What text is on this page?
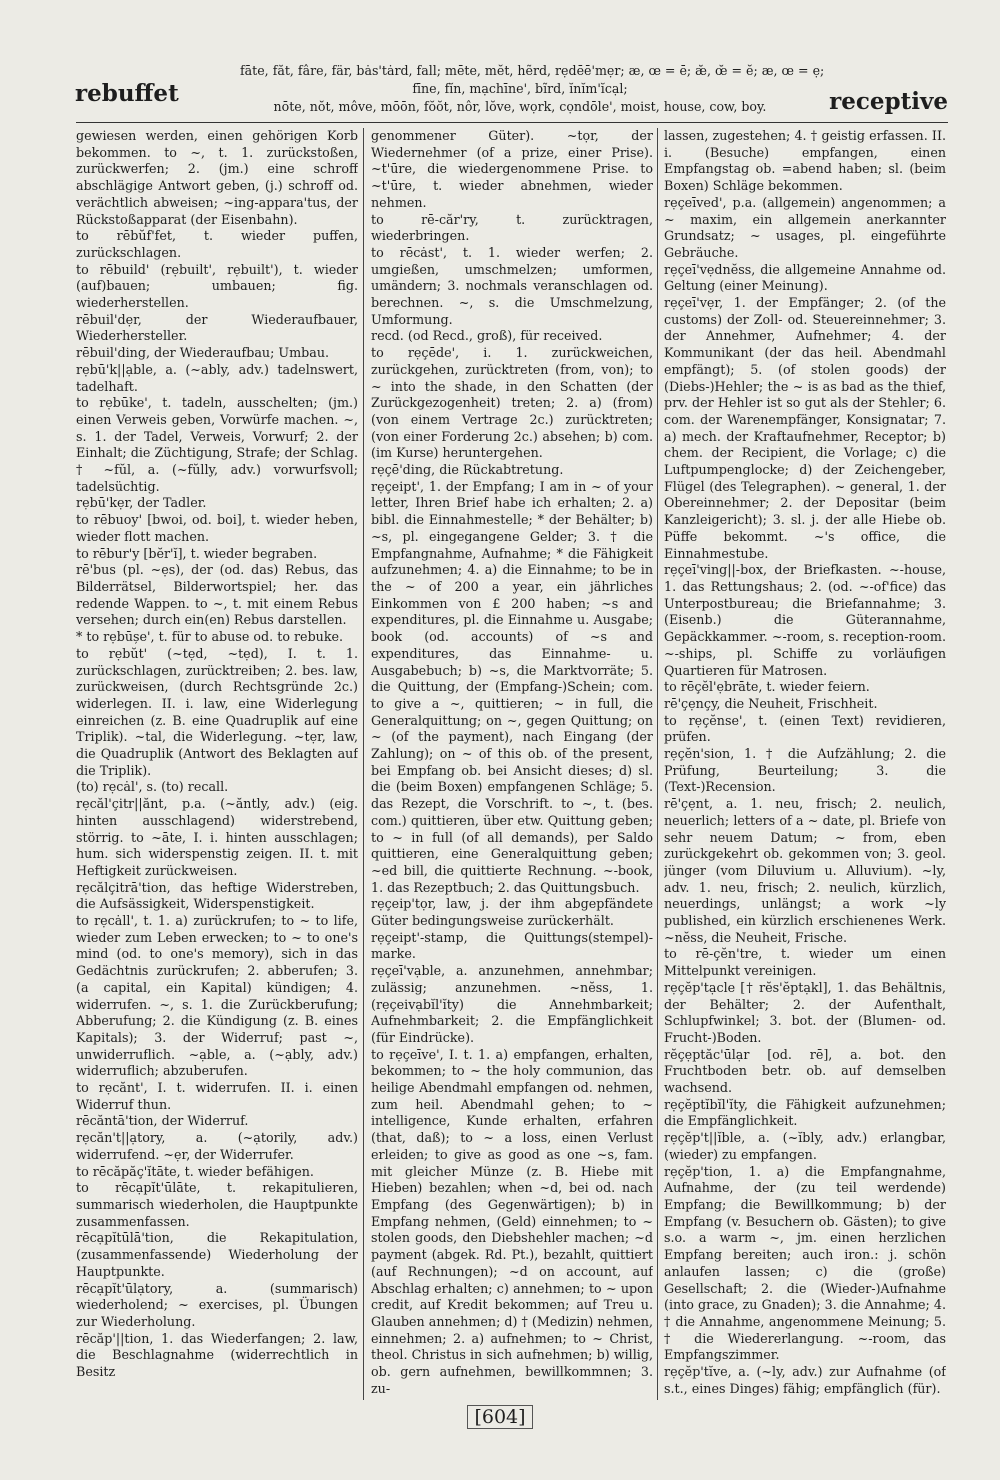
rebuffet
fāte, făt, fâre, fär, bȧs'tȧrd, fall; mēte, mĕt, hẽrd, rẹdēē'mẹr; æ, œ = ē; æ̆, œ̆ = ĕ; æ, œ = ẹ;
fīne, fĭn, mạchīne', bĩrd, ĭnĭm'ĭcạl;
nōte, nŏt, môve, mōōn, fŏŏt, nôr, lŏve, wọrk, cọndōle', moist, house, cow, boy.	receptive

gewiesen werden, einen gehörigen Korb bekommen. to ~, t. 1. zurückstoßen, zurückwerfen; 2. (jm.) eine schroff abschlägige Antwort geben, (j.) schroff od. verächtlich abweisen; ~ing-appara'tus, der Rückstoßapparat (der Eisenbahn).

to rēbŭf'fet, t. wieder puffen, zurückschlagen.

to rēbuild' (rẹbuilt', rẹbuilt'), t. wieder (auf)bauen; umbauen; fig. wiederherstellen.

rēbuil'dẹr, der Wiederaufbauer, Wiederhersteller.

rēbuil'ding, der Wiederaufbau; Umbau.

rẹbū'k||ạble, a. (~ably, adv.) tadelnswert, tadelhaft.

to rẹbūke', t. tadeln, ausschelten; (jm.) einen Verweis geben, Vorwürfe machen. ~, s. 1. der Tadel, Verweis, Vorwurf; 2. der Einhalt; die Züchtigung, Strafe; der Schlag. † ~fŭl, a. (~fŭlly, adv.) vorwurfsvoll; tadelsüchtig.

rẹbū'kẹr, der Tadler.

to rēbuoy' [bwoi, od. boi], t. wieder heben, wieder flott machen.

to rēbur'y [bĕr'ĭ], t. wieder begraben.

rē'bus (pl. ~ẹs), der (od. das) Rebus, das Bilderrätsel, Bilderwortspiel; her. das redende Wappen. to ~, t. mit einem Rebus versehen; durch ein(en) Rebus darstellen.

* to rẹbūșe', t. für to abuse od. to rebuke.

to rẹbŭt' (~tẹd, ~tẹd), I. t. 1. zurückschlagen, zurücktreiben; 2. bes. law, zurückweisen, (durch Rechtsgründe 2c.) widerlegen. II. i. law, eine Widerlegung einreichen (z. B. eine Quadruplik auf eine Triplik). ~tal, die Widerlegung. ~tẹr, law, die Quadruplik (Antwort des Beklagten auf die Triplik).

(to) rẹcȧl', s. (to) recall.

rẹcăl'çitr||ănt, p.a. (~ăntly, adv.) (eig. hinten ausschlagend) widerstrebend, störrig. to ~āte, I. i. hinten ausschlagen; hum. sich widerspenstig zeigen. II. t. mit Heftigkeit zurückweisen.

rẹcălçitrā'tion, das heftige Widerstreben, die Aufsässigkeit, Widerspenstigkeit.

to rẹcȧll', t. 1. a) zurückrufen; to ~ to life, wieder zum Leben erwecken; to ~ to one's mind (od. to one's memory), sich in das Gedächtnis zurückrufen; 2. abberufen; 3. (a capital, ein Kapital) kündigen; 4. widerrufen. ~, s. 1. die Zurückberufung; Abberufung; 2. die Kündigung (z. B. eines Kapitals); 3. der Widerruf; past ~, unwiderruflich. ~ạble, a. (~ạbly, adv.) widerruflich; abzuberufen.

to rẹcănt', I. t. widerrufen. II. i. einen Widerruf thun.

rēcăntā'tion, der Widerruf.

rẹcăn't||ạtory, a. (~ạtorily, adv.) widerrufend. ~ẹr, der Widerrufer.

to rēcăpăç'ĭtāte, t. wieder befähigen.

to rēcạpĭt'ūlāte, t. rekapitulieren, summarisch wiederholen, die Hauptpunkte zusammenfassen.

rēcạpĭtūlā'tion, die Rekapitulation, (zusammenfassende) Wiederholung der Hauptpunkte.

rēcạpĭt'ūlạtory, a. (summarisch) wiederholend; ~ exercises, pl. Übungen zur Wiederholung.

rēcăp'||tion, 1. das Wiederfangen; 2. law, die Beschlagnahme (widerrechtlich in Besitz

genommener Güter). ~tọr, der Wiedernehmer (of a prize, einer Prise). ~t'ūre, die wiedergenommene Prise. to ~t'ūre, t. wieder abnehmen, wieder nehmen.

to rē-căr'ry, t. zurücktragen, wiederbringen.

to rēcȧst', t. 1. wieder werfen; 2. umgießen, umschmelzen; umformen, umändern; 3. nochmals veranschlagen od. berechnen. ~, s. die Umschmelzung, Umformung.

recd. (od Recd., groß), für received.

to rẹçēde', i. 1. zurückweichen, zurückgehen, zurücktreten (from, von); to ~ into the shade, in den Schatten (der Zurückgezogenheit) treten; 2. a) (from) (von einem Vertrage 2c.) zurücktreten; (von einer Forderung 2c.) absehen; b) com. (im Kurse) heruntergehen.

rẹçē'ding, die Rückabtretung.

rẹçeipt', 1. der Empfang; I am in ~ of your letter, Ihren Brief habe ich erhalten; 2. a) bibl. die Einnahmestelle; * der Behälter; b) ~s, pl. eingegangene Gelder; 3. † die Empfangnahme, Aufnahme; * die Fähigkeit aufzunehmen; 4. a) die Einnahme; to be in the ~ of 200 a year, ein jährliches Einkommen von £ 200 haben; ~s and expenditures, pl. die Einnahme u. Ausgabe; book (od. accounts) of ~s and expenditures, das Einnahme- u. Ausgabebuch; b) ~s, die Marktvorräte; 5. die Quittung, der (Empfang-)Schein; com. to give a ~, quittieren; ~ in full, die Generalquittung; on ~, gegen Quittung; on ~ (of the payment), nach Eingang (der Zahlung); on ~ of this ob. of the present, bei Empfang ob. bei Ansicht dieses; d) sl. die (beim Boxen) empfangenen Schläge; 5. das Rezept, die Vorschrift. to ~, t. (bes. com.) quittieren, über etw. Quittung geben; to ~ in full (of all demands), per Saldo quittieren, eine Generalquittung geben; ~ed bill, die quittierte Rechnung. ~-book, 1. das Rezeptbuch; 2. das Quittungsbuch.

rẹçeip'tọr, law, j. der ihm abgepfändete Güter bedingungsweise zurückerhält.

rẹçeipt'-stamp, die Quittungs(stempel)-marke.

rẹçeī'vạble, a. anzunehmen, annehmbar; zulässig; anzunehmen. ~nĕss, 1. (rẹçeivạbĭl'ĭty) die Annehmbarkeit; Aufnehmbarkeit; 2. die Empfänglichkeit (für Eindrücke).

to rẹçeīve', I. t. 1. a) empfangen, erhalten, bekommen; to ~ the holy communion, das heilige Abendmahl empfangen od. nehmen, zum heil. Abendmahl gehen; to ~ intelligence, Kunde erhalten, erfahren (that, daß); to ~ a loss, einen Verlust erleiden; to give as good as one ~s, fam. mit gleicher Münze (z. B. Hiebe mit Hieben) bezahlen; when ~d, bei od. nach Empfang (des Gegenwärtigen); b) in Empfang nehmen, (Geld) einnehmen; to ~ stolen goods, den Diebshehler machen; ~d payment (abgek. Rd. Pt.), bezahlt, quittiert (auf Rechnungen); ~d on account, auf Abschlag erhalten; c) annehmen; to ~ upon credit, auf Kredit bekommen; auf Treu u. Glauben annehmen; d) † (Medizin) nehmen, einnehmen; 2. a) aufnehmen; to ~ Christ, theol. Christus in sich aufnehmen; b) willig, ob. gern aufnehmen, bewillkommnen; 3. zu-

lassen, zugestehen; 4. † geistig erfassen. II. i. (Besuche) empfangen, einen Empfangstag ob. =abend haben; sl. (beim Boxen) Schläge bekommen.

rẹçeīved', p.a. (allgemein) angenommen; a ~ maxim, ein allgemein anerkannter Grundsatz; ~ usages, pl. eingeführte Gebräuche.

rẹçeī'vẹdnĕss, die allgemeine Annahme od. Geltung (einer Meinung).

rẹçeī'vẹr, 1. der Empfänger; 2. (of the customs) der Zoll- od. Steuereinnehmer; 3. der Annehmer, Aufnehmer; 4. der Kommunikant (der das heil. Abendmahl empfängt); 5. (of stolen goods) der (Diebs-)Hehler; the ~ is as bad as the thief, prv. der Hehler ist so gut als der Stehler; 6. com. der Warenempfänger, Konsignatar; 7. a) mech. der Kraftaufnehmer, Receptor; b) chem. der Recipient, die Vorlage; c) die Luftpumpenglocke; d) der Zeichengeber, Flügel (des Telegraphen). ~ general, 1. der Obereinnehmer; 2. der Depositar (beim Kanzleigericht); 3. sl. j. der alle Hiebe ob. Püffe bekommt. ~'s office, die Einnahmestube.

rẹçeī'ving||-box, der Briefkasten. ~-house, 1. das Rettungshaus; 2. (od. ~-of'fice) das Unterpostbureau; die Briefannahme; 3. (Eisenb.) die Güterannahme, Gepäckkammer. ~-room, s. reception-room. ~-ships, pl. Schiffe zu vorläufigen Quartieren für Matrosen.

to rēçĕl'ẹbrāte, t. wieder feiern.

rē'çẹnçy, die Neuheit, Frischheit.

to rẹçĕnse', t. (einen Text) revidieren, prüfen.

rẹçĕn'sion, 1. † die Aufzählung; 2. die Prüfung, Beurteilung; 3. die (Text-)Recension.

rē'çẹnt, a. 1. neu, frisch; 2. neulich, neuerlich; letters of a ~ date, pl. Briefe von sehr neuem Datum; ~ from, eben zurückgekehrt ob. gekommen von; 3. geol. jünger (vom Diluvium u. Alluvium). ~ly, adv. 1. neu, frisch; 2. neulich, kürzlich, neuerdings, unlängst; a work ~ly published, ein kürzlich erschienenes Werk. ~nĕss, die Neuheit, Frische.

to rē-çĕn'tre, t. wieder um einen Mittelpunkt vereinigen.

rẹçĕp'tạcle [† rĕs'ĕptạkl], 1. das Behältnis, der Behälter; 2. der Aufenthalt, Schlupfwinkel; 3. bot. der (Blumen- od. Frucht-)Boden.

rĕçẹptăc'ūlạr [od. rē], a. bot. den Fruchtboden betr. ob. auf demselben wachsend.

rẹçĕptĭbĭl'ĭty, die Fähigkeit aufzunehmen; die Empfänglichkeit.

rẹçĕp't||ĭble, a. (~ĭbly, adv.) erlangbar, (wieder) zu empfangen.

rẹçĕp'tion, 1. a) die Empfangnahme, Aufnahme, der (zu teil werdende) Empfang; die Bewillkommung; b) der Empfang (v. Besuchern ob. Gästen); to give s.o. a warm ~, jm. einen herzlichen Empfang bereiten; auch iron.: j. schön anlaufen lassen; c) die (große) Gesellschaft; 2. die (Wieder-)Aufnahme (into grace, zu Gnaden); 3. die Annahme; 4. † die Annahme, angenommene Meinung; 5. † die Wiedererlangung. ~-room, das Empfangszimmer.

rẹçĕp'tĭve, a. (~ly, adv.) zur Aufnahme (of s.t., eines Dinges) fähig; empfänglich (für).

[604]
